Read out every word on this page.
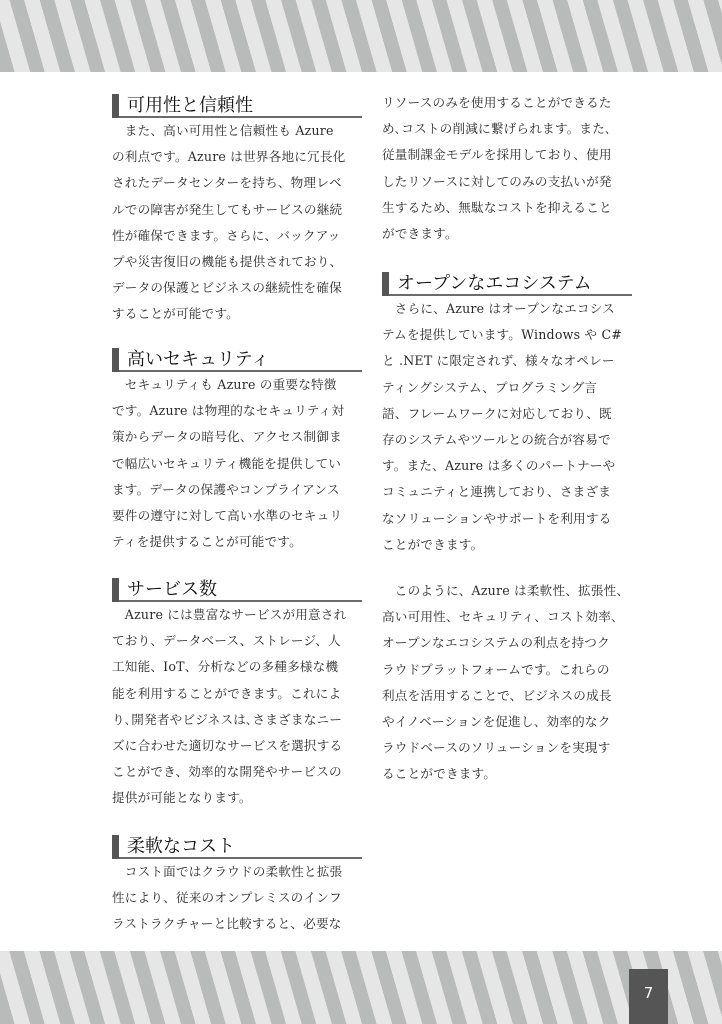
可用性と信頼性

　また、高い可用性と信頼性も Azure
の利点です。Azure は世界各地に冗長化
されたデータセンターを持ち、物理レベ
ルでの障害が発生してもサービスの継続
性が確保できます。さらに、バックアッ
プや災害復旧の機能も提供されており、
データの保護とビジネスの継続性を確保
することが可能です。

高いセキュリティ

　セキュリティも Azure の重要な特徴
です。Azure は物理的なセキュリティ対
策からデータの暗号化、アクセス制御ま
で幅広いセキュリティ機能を提供してい
ます。データの保護やコンプライアンス
要件の遵守に対して高い水準のセキュリ
ティを提供することが可能です。

サービス数

　Azure には豊富なサービスが用意され
ており、データベース、ストレージ、人
工知能、IoT、分析などの多種多様な機
能を利用することができます。これによ
り､開発者やビジネスは､さまざまなニー
ズに合わせた適切なサービスを選択する
ことができ、効率的な開発やサービスの
提供が可能となります。

柔軟なコスト

　コスト面ではクラウドの柔軟性と拡張
性により、従来のオンプレミスのインフ
ラストラクチャーと比較すると、必要な

リソースのみを使用することができるた
め､コストの削減に繋げられます。また､
従量制課金モデルを採用しており、使用
したリソースに対してのみの支払いが発
生するため、無駄なコストを抑えること
ができます。

オープンなエコシステム

　さらに、Azure はオープンなエコシス
テムを提供しています。Windows や C#
と .NET に限定されず、様々なオペレー
ティングシステム、プログラミング言
語、フレームワークに対応しており、既
存のシステムやツールとの統合が容易で
す。また、Azure は多くのパートナーや
コミュニティと連携しており、さまざま
なソリューションやサポートを利用する
ことができます。

　このように、Azure は柔軟性、拡張性、
高い可用性、セキュリティ、コスト効率、
オープンなエコシステムの利点を持つク
ラウドプラットフォームです。これらの
利点を活用することで、ビジネスの成長
やイノベーションを促進し、効率的なク
ラウドベースのソリューションを実現す
ることができます。

7
